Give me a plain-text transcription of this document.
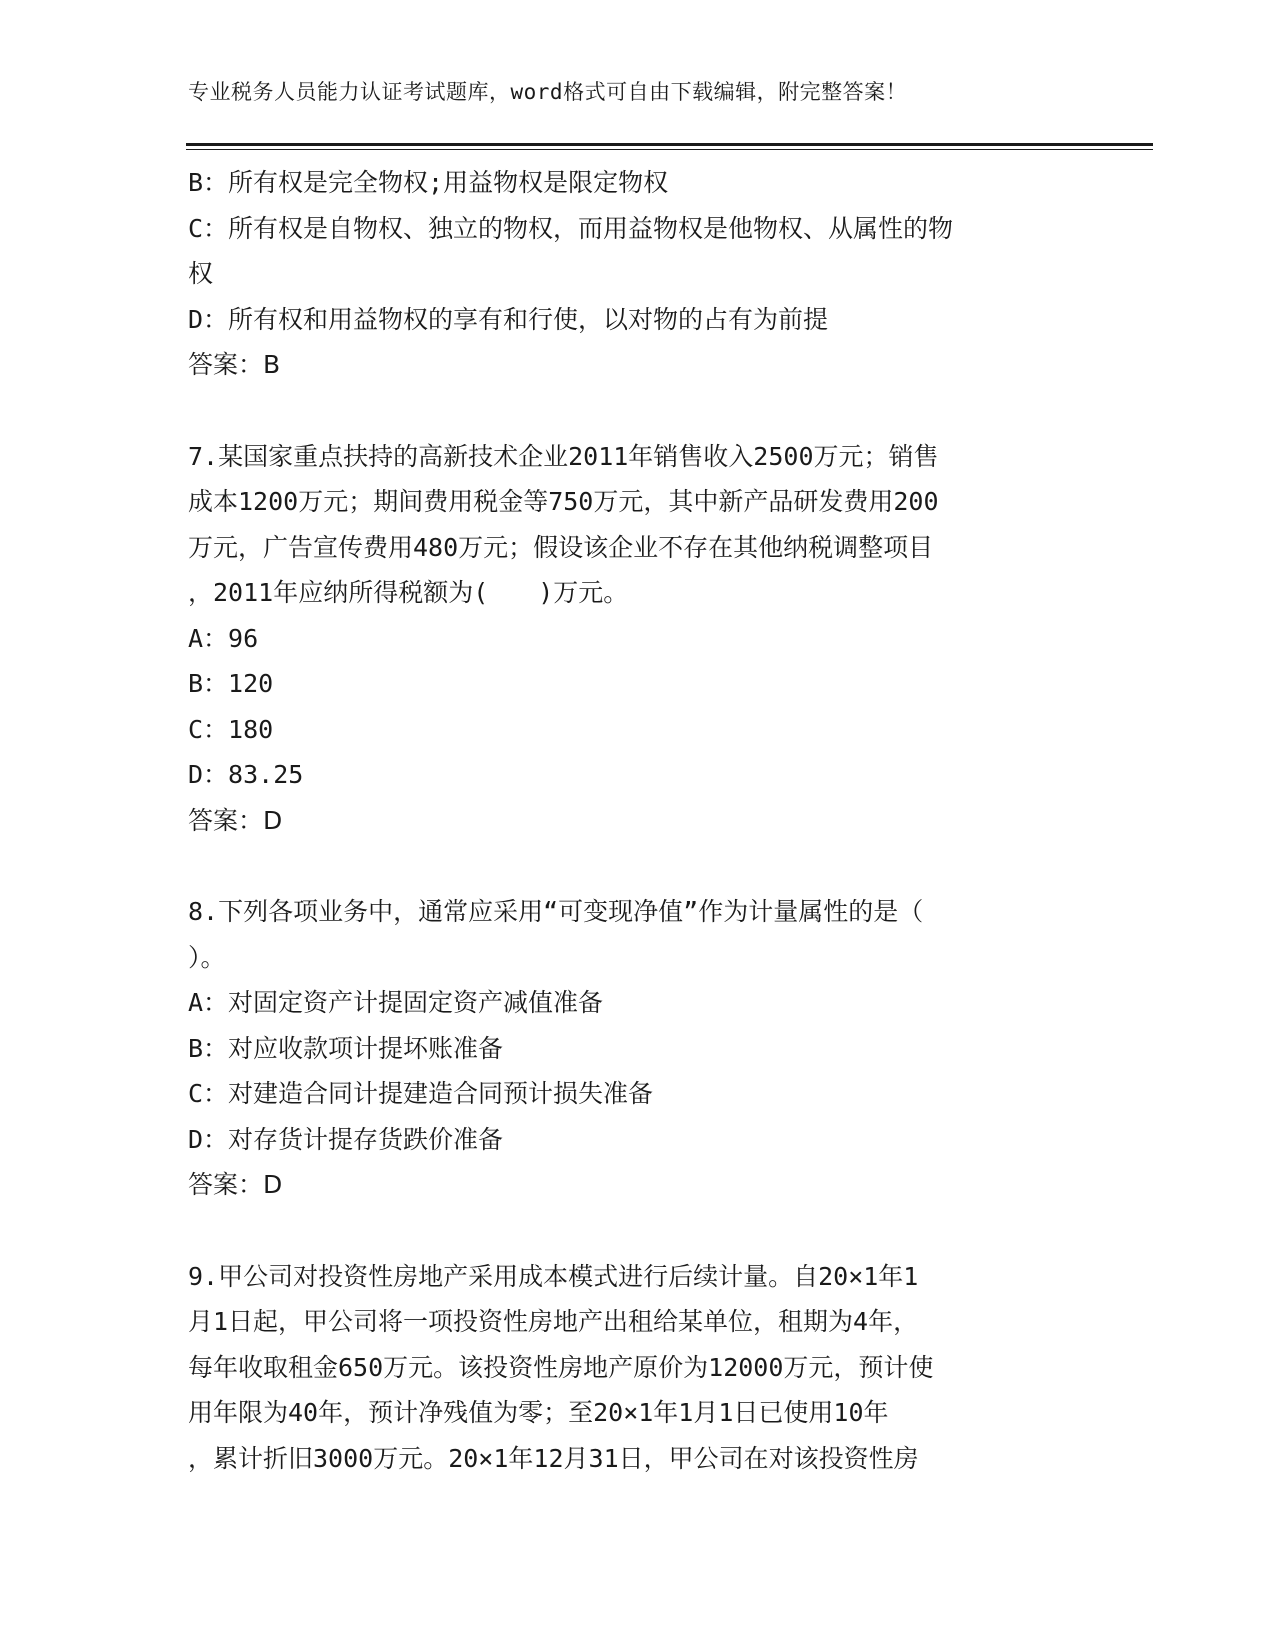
专业税务人员能力认证考试题库，word格式可自由下载编辑，附完整答案！
B：所有权是完全物权;用益物权是限定物权
C：所有权是自物权、独立的物权，而用益物权是他物权、从属性的物
权
D：所有权和用益物权的享有和行使，以对物的占有为前提
答案：B
7.某国家重点扶持的高新技术企业2011年销售收入2500万元；销售
成本1200万元；期间费用税金等750万元，其中新产品研发费用200
万元，广告宣传费用480万元；假设该企业不存在其他纳税调整项目
，2011年应纳所得税额为(　　)万元。
A：96
B：120
C：180
D：83.25
答案：D
8.下列各项业务中，通常应采用“可变现净值”作为计量属性的是（
）。
A：对固定资产计提固定资产减值准备
B：对应收款项计提坏账准备
C：对建造合同计提建造合同预计损失准备
D：对存货计提存货跌价准备
答案：D
9.甲公司对投资性房地产采用成本模式进行后续计量。自20×1年1
月1日起，甲公司将一项投资性房地产出租给某单位，租期为4年，
每年收取租金650万元。该投资性房地产原价为12000万元，预计使
用年限为40年，预计净残值为零；至20×1年1月1日已使用10年
，累计折旧3000万元。20×1年12月31日，甲公司在对该投资性房
